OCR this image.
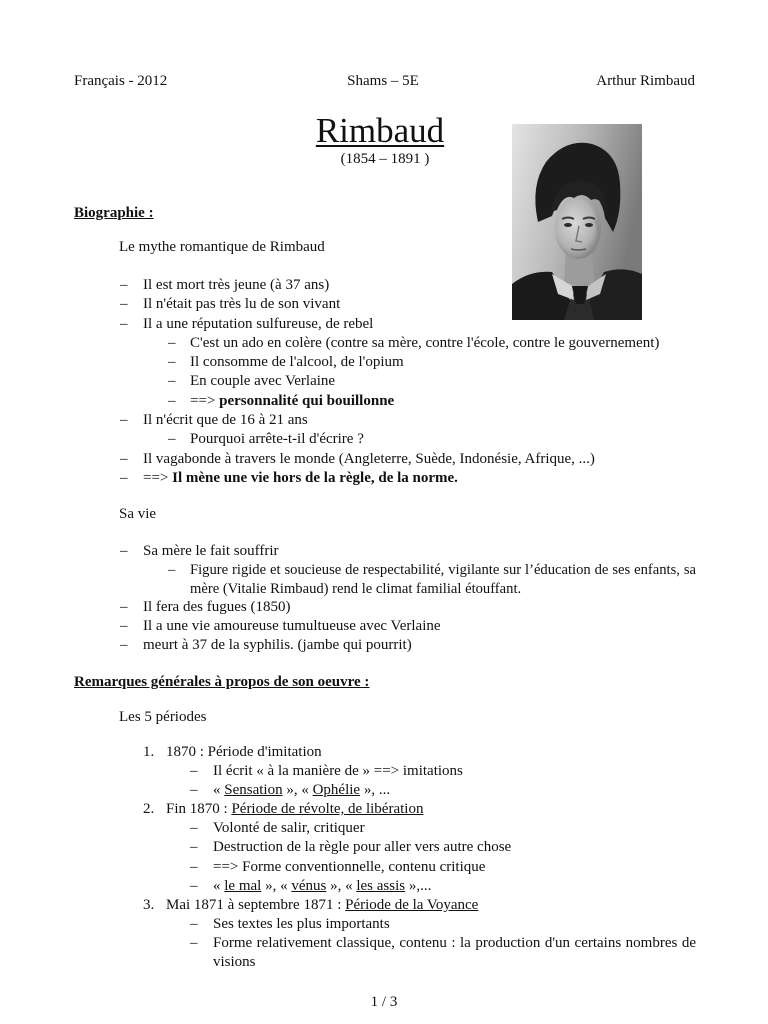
Français - 2012	Shams – 5E	Arthur Rimbaud
Rimbaud
(1854 – 1891 )
Biographie :
Le mythe romantique de Rimbaud
– Il est mort très jeune (à 37 ans)
– Il n'était pas très lu de son vivant
– Il a une réputation sulfureuse, de rebel
– C'est un ado en colère (contre sa mère, contre l'école, contre le gouvernement)
– Il consomme de l'alcool, de l'opium
– En couple avec Verlaine
– ==> personnalité qui bouillonne
– Il n'écrit que de 16 à 21 ans
– Pourquoi arrête-t-il d'écrire ?
– Il vagabonde à travers le monde (Angleterre, Suède, Indonésie, Afrique, ...)
– ==> Il mène une vie hors de la règle, de la norme.
Sa vie
– Sa mère le fait souffrir
– Figure rigide et soucieuse de respectabilité, vigilante sur l’éducation de ses enfants, sa mère (Vitalie Rimbaud) rend le climat familial étouffant.
– Il fera des fugues (1850)
– Il a une vie amoureuse tumultueuse avec Verlaine
– meurt à 37 de la syphilis. (jambe qui pourrit)
Remarques générales à propos de son oeuvre :
Les 5 périodes
1. 1870 : Période d'imitation
– Il écrit « à la manière de » ==> imitations
– « Sensation », « Ophélie », ...
2. Fin 1870 : Période de révolte, de libération
– Volonté de salir, critiquer
– Destruction de la règle pour aller vers autre chose
– ==> Forme conventionnelle, contenu critique
– « le mal », « vénus », « les assis »,...
3. Mai 1871 à septembre 1871 : Période de la Voyance
– Ses textes les plus importants
– Forme relativement classique, contenu : la production d'un certains nombres de visions
1 / 3
